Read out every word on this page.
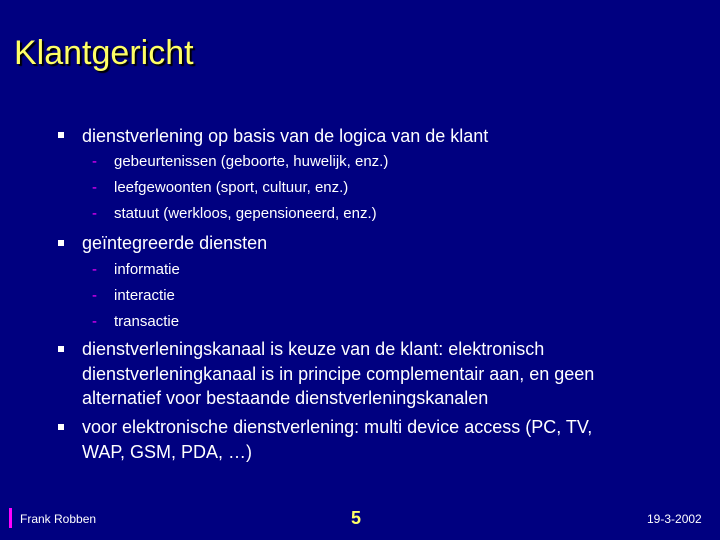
Klantgericht
dienstverlening op basis van de logica van de klant
- gebeurtenissen (geboorte, huwelijk, enz.)
- leefgewoonten (sport, cultuur, enz.)
- statuut (werkloos, gepensioneerd, enz.)
geïntegreerde diensten
- informatie
- interactie
- transactie
dienstverleningskanaal is keuze van de klant: elektronisch
dienstverleningkanaal is in principe complementair aan, en geen
alternatief voor bestaande dienstverleningskanalen
voor elektronische dienstverlening: multi device access (PC, TV,
WAP, GSM, PDA, …)
Frank Robben	5	19-3-2002
